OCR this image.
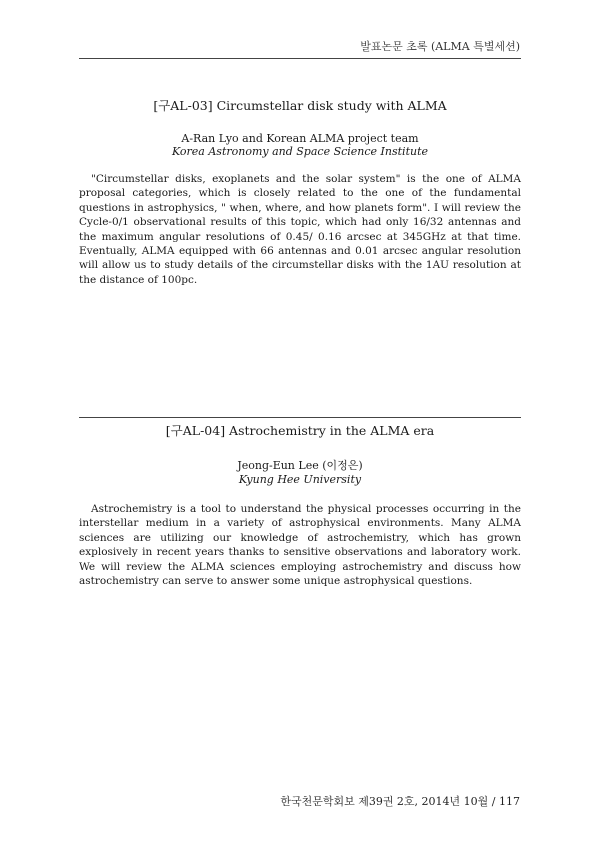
발표논문 초록 (ALMA 특별세션)

[구AL-03] Circumstellar disk study with ALMA

A-Ran Lyo and Korean ALMA project team

Korea Astronomy and Space Science Institute

"Circumstellar disks, exoplanets and the solar system" is the one of ALMA proposal categories, which is closely related to the one of the fundamental questions in astrophysics, " when, where, and how planets form". I will review the Cycle-0/1 observational results of this topic, which had only 16/32 antennas and the maximum angular resolutions of 0.45/ 0.16 arcsec at 345GHz at that time. Eventually, ALMA equipped with 66 antennas and 0.01 arcsec angular resolution will allow us to study details of the circumstellar disks with the 1AU resolution at the distance of 100pc.

[구AL-04] Astrochemistry in the ALMA era

Jeong-Eun Lee (이정은)

Kyung Hee University

Astrochemistry is a tool to understand the physical processes occurring in the interstellar medium in a variety of astrophysical environments. Many ALMA sciences are utilizing our knowledge of astrochemistry, which has grown explosively in recent years thanks to sensitive observations and laboratory work. We will review the ALMA sciences employing astrochemistry and discuss how astrochemistry can serve to answer some unique astrophysical questions.

한국천문학회보 제39권 2호, 2014년 10월 / 117
